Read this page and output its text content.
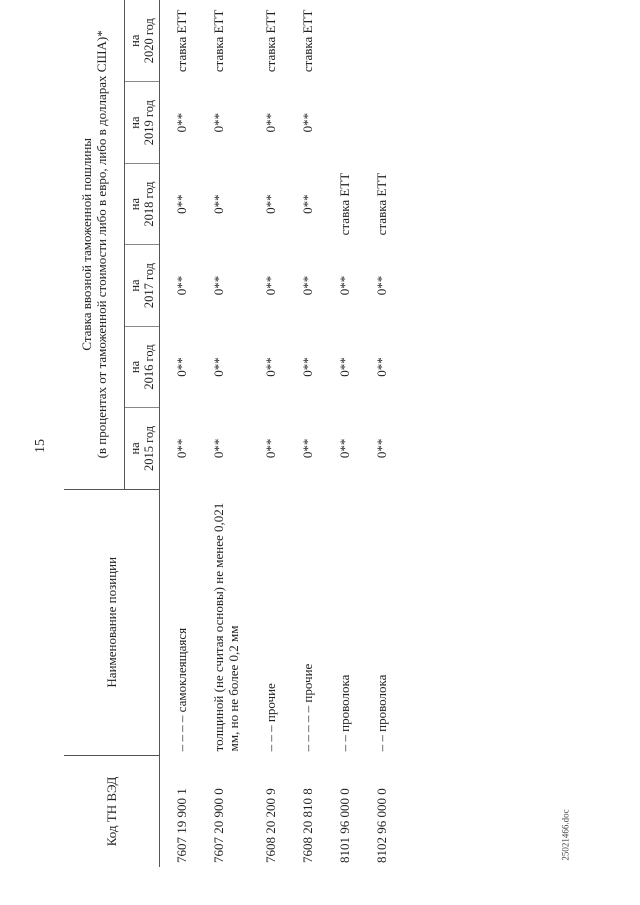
15
Код ТН ВЭД	Наименование позиции	Ставка ввозной таможенной пошлины
(в процентах от таможенной стоимости либо в евро, либо в долларах США)*					

		на 2015 год	на 2016 год	на 2017 год	на 2018 год	на 2019 год	на 2020 год

7607 19 900 1	– – – – самоклеящаяся	0**	0**	0**	0**	0**	ставка ЕТТ
7607 20 900 0	толщиной (не считая основы) не менее 0,021 мм, но не более 0,2 мм	0**	0**	0**	0**	0**	ставка ЕТТ
7608 20 200 9	– – – прочие	0**	0**	0**	0**	0**	ставка ЕТТ
7608 20 810 8	– – – – – прочие	0**	0**	0**	0**	0**	ставка ЕТТ
8101 96 000 0	– – проволока	0**	0**	0**	ставка ЕТТ		
8102 96 000 0	– – проволока	0**	0**	0**	ставка ЕТТ		
25021466.doc
